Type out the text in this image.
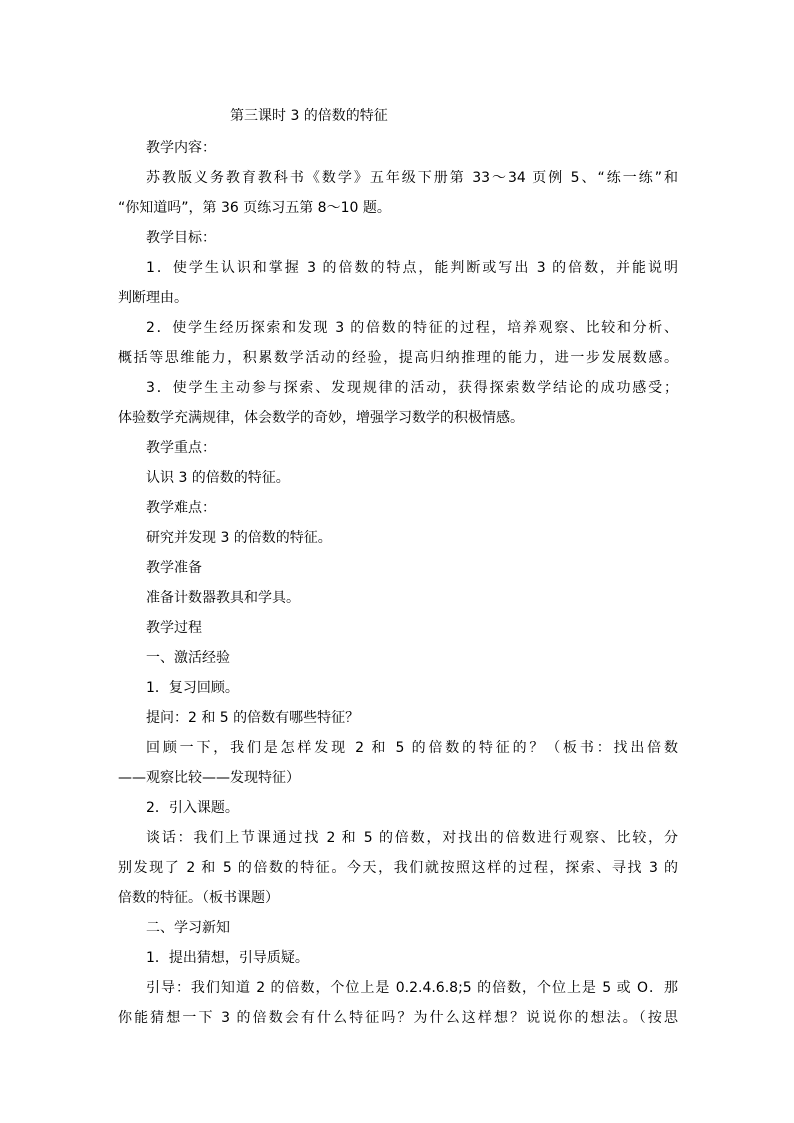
第三课时 3 的倍数的特征
教学内容：
苏教版义务教育教科书《数学》五年级下册第 33～34 页例 5、“练一练”和
“你知道吗”，第 36 页练习五第 8～10 题。
教学目标：
1．使学生认识和掌握 3 的倍数的特点，能判断或写出 3 的倍数，并能说明
判断理由。
2．使学生经历探索和发现 3 的倍数的特征的过程，培养观察、比较和分析、
概括等思维能力，积累数学活动的经验，提高归纳推理的能力，进一步发展数感。
3．使学生主动参与探索、发现规律的活动，获得探索数学结论的成功感受；
体验数学充满规律，体会数学的奇妙，增强学习数学的积极情感。
教学重点：
认识 3 的倍数的特征。
教学难点：
研究并发现 3 的倍数的特征。
教学准备
准备计数器教具和学具。
教学过程
一、激活经验
1．复习回顾。
提问：2 和 5 的倍数有哪些特征？
回顾一下，我们是怎样发现 2 和 5 的倍数的特征的？（板书：找出倍数
——观察比较——发现特征）
2．引入课题。
谈话：我们上节课通过找 2 和 5 的倍数，对找出的倍数进行观察、比较，分
别发现了 2 和 5 的倍数的特征。今天，我们就按照这样的过程，探索、寻找 3 的
倍数的特征。（板书课题）
二、学习新知
1．提出猜想，引导质疑。
引导：我们知道 2 的倍数，个位上是 0.2.4.6.8;5 的倍数，个位上是 5 或 O．那
你能猜想一下 3 的倍数会有什么特征吗？为什么这样想？说说你的想法。（按思
